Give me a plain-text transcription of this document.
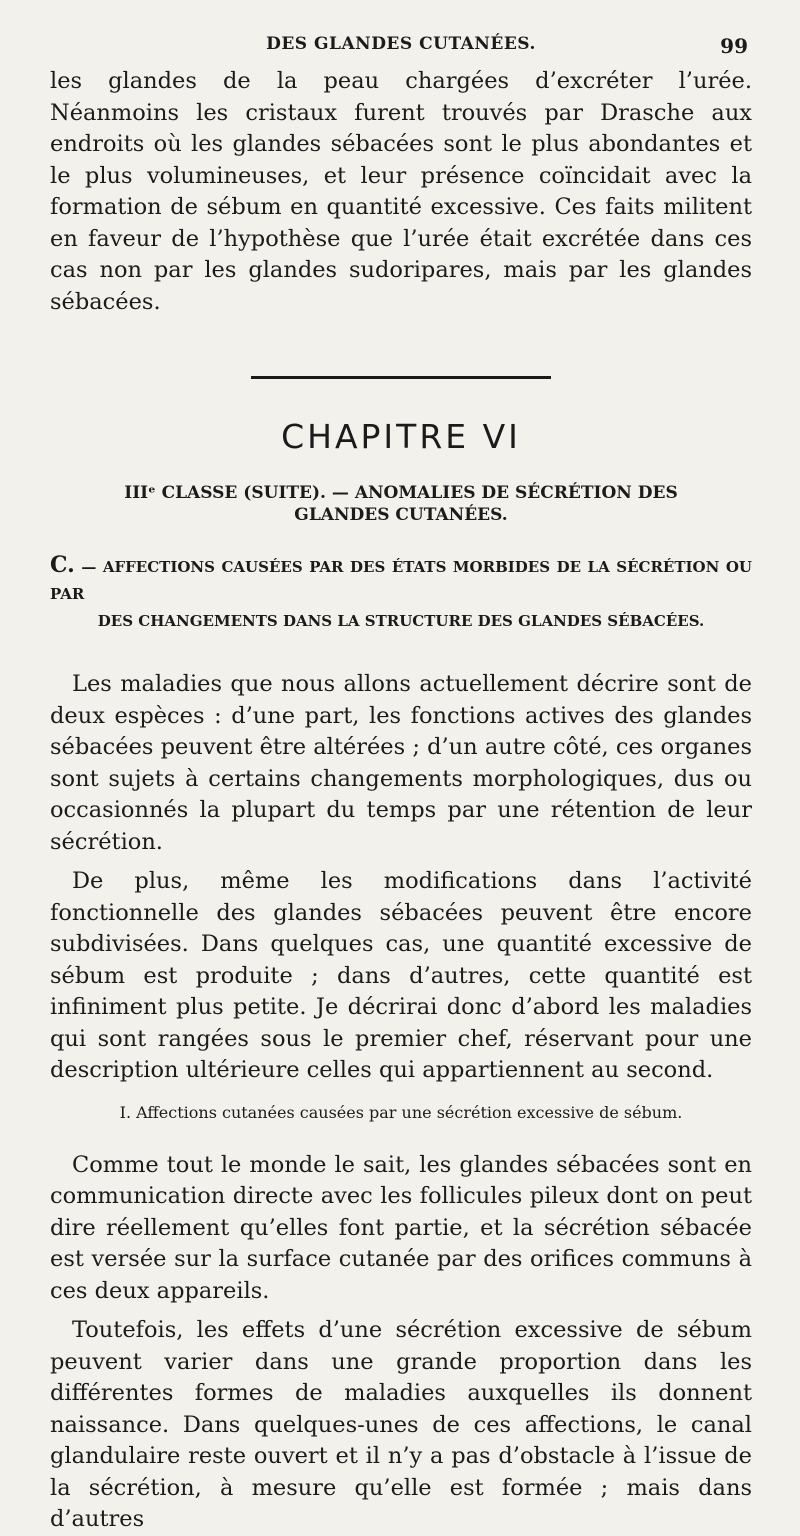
DES GLANDES CUTANÉES.	99

les glandes de la peau chargées d’excréter l’urée. Néanmoins les cristaux furent trouvés par Drasche aux endroits où les glandes sébacées sont le plus abondantes et le plus volumineuses, et leur présence coïncidait avec la formation de sébum en quantité excessive. Ces faits militent en faveur de l’hypothèse que l’urée était excrétée dans ces cas non par les glandes sudoripares, mais par les glandes sébacées.

CHAPITRE VI
IIIᵉ CLASSE (SUITE). — ANOMALIES DE SÉCRÉTION DES GLANDES CUTANÉES.
C. — AFFECTIONS CAUSÉES PAR DES ÉTATS MORBIDES DE LA SÉCRÉTION OU PAR
DES CHANGEMENTS DANS LA STRUCTURE DES GLANDES SÉBACÉES.

Les maladies que nous allons actuellement décrire sont de deux espèces : d’une part, les fonctions actives des glandes sébacées peuvent être altérées ; d’un autre côté, ces organes sont sujets à certains changements morphologiques, dus ou occasionnés la plupart du temps par une rétention de leur sécrétion.

De plus, même les modifications dans l’activité fonctionnelle des glandes sébacées peuvent être encore subdivisées. Dans quelques cas, une quantité excessive de sébum est produite ; dans d’autres, cette quantité est infiniment plus petite. Je décrirai donc d’abord les maladies qui sont rangées sous le premier chef, réservant pour une description ultérieure celles qui appartiennent au second.

I. Affections cutanées causées par une sécrétion excessive de sébum.

Comme tout le monde le sait, les glandes sébacées sont en communication directe avec les follicules pileux dont on peut dire réellement qu’elles font partie, et la sécrétion sébacée est versée sur la surface cutanée par des orifices communs à ces deux appareils.

Toutefois, les effets d’une sécrétion excessive de sébum peuvent varier dans une grande proportion dans les différentes formes de maladies auxquelles ils donnent naissance. Dans quelques-unes de ces affections, le canal glandulaire reste ouvert et il n’y a pas d’obstacle à l’issue de la sécrétion, à mesure qu’elle est formée ; mais dans d’autres
